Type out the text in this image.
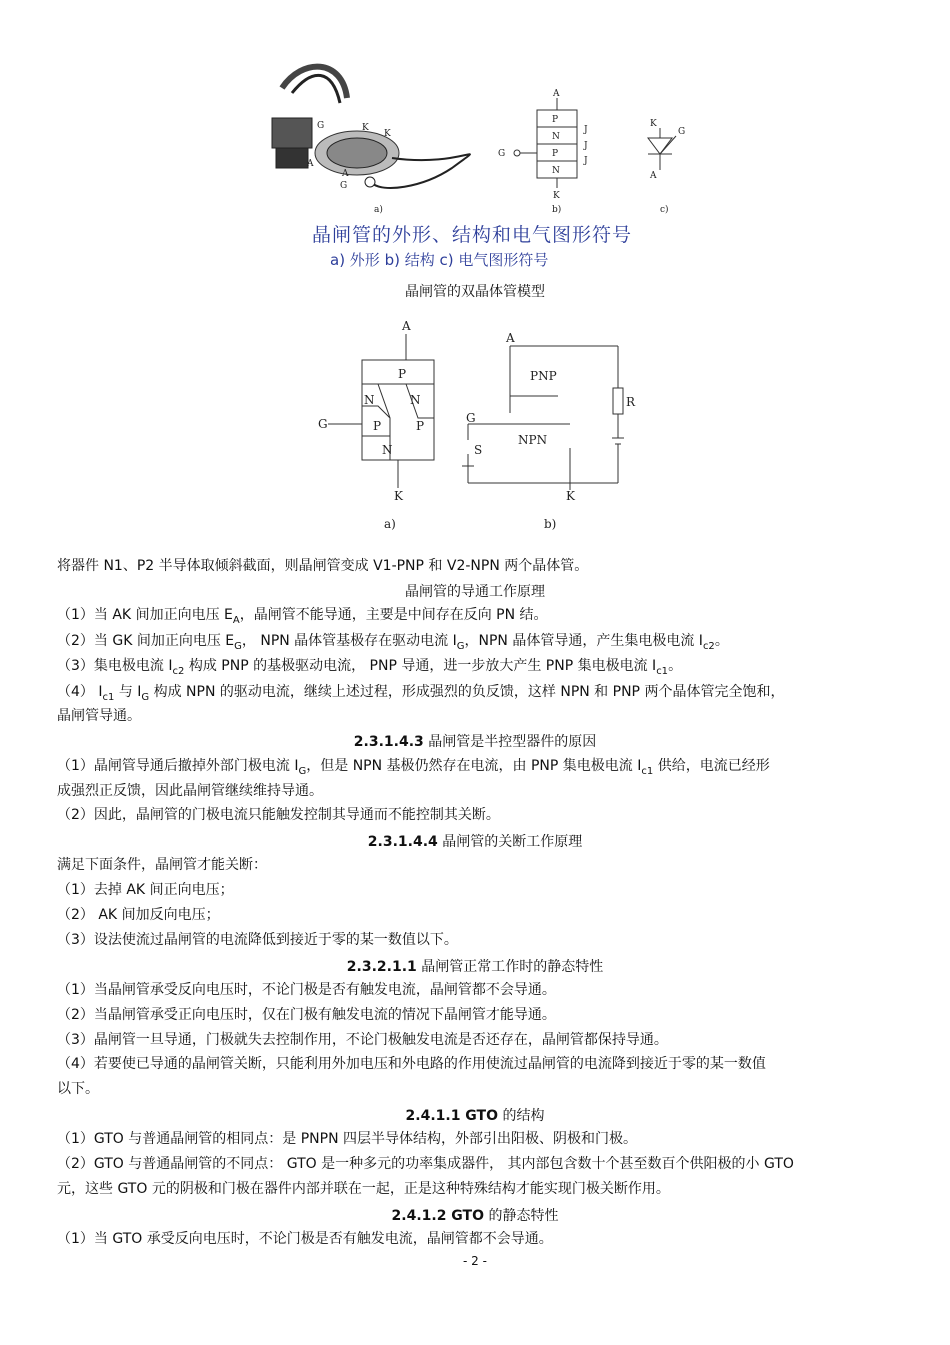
G	K
K
A
A
G
a)
A
P
N
P
N
J
J
J
G
K
b)
K
G
A
c)
晶闸管的外形、结构和电气图形符号
a) 外形 b) 结构 c) 电气图形符号
晶闸管的双晶体管模型
A
P
N	N
P	P
N
G
K
a)
A
PNP
NPN
R
S
G
K
b)
将器件 N1、P2 半导体取倾斜截面，则晶闸管变成 V1-PNP 和 V2-NPN 两个晶体管。
晶闸管的导通工作原理
（1）当 AK 间加正向电压 $E_A$，晶闸管不能导通，主要是中间存在反向 PN 结。
（2）当 GK 间加正向电压 $E_G$， NPN 晶体管基极存在驱动电流 $I_G$，NPN 晶体管导通，产生集电极电流 $I_{c2}$。
（3）集电极电流 $I_{c2}$ 构成 PNP 的基极驱动电流， PNP 导通，进一步放大产生 PNP 集电极电流 $I_{c1}$。
（4） $I_{c1}$ 与 $I_G$ 构成 NPN 的驱动电流，继续上述过程，形成强烈的负反馈，这样 NPN 和 PNP 两个晶体管完全饱和，
晶闸管导通。
2.3.1.4.3 晶闸管是半控型器件的原因
（1）晶闸管导通后撤掉外部门极电流 $I_G$，但是 NPN 基极仍然存在电流，由 PNP 集电极电流 $I_{c1}$ 供给，电流已经形
成强烈正反馈，因此晶闸管继续维持导通。
（2）因此，晶闸管的门极电流只能触发控制其导通而不能控制其关断。
2.3.1.4.4 晶闸管的关断工作原理
满足下面条件，晶闸管才能关断：
（1）去掉 AK 间正向电压；
（2） AK 间加反向电压；
（3）设法使流过晶闸管的电流降低到接近于零的某一数值以下。
2.3.2.1.1 晶闸管正常工作时的静态特性
（1）当晶闸管承受反向电压时，不论门极是否有触发电流，晶闸管都不会导通。
（2）当晶闸管承受正向电压时，仅在门极有触发电流的情况下晶闸管才能导通。
（3）晶闸管一旦导通，门极就失去控制作用，不论门极触发电流是否还存在，晶闸管都保持导通。
（4）若要使已导通的晶闸管关断，只能利用外加电压和外电路的作用使流过晶闸管的电流降到接近于零的某一数值
以下。
2.4.1.1 GTO 的结构
（1）GTO 与普通晶闸管的相同点：是 PNPN 四层半导体结构，外部引出阳极、阴极和门极。
（2）GTO 与普通晶闸管的不同点： GTO 是一种多元的功率集成器件， 其内部包含数十个甚至数百个供阳极的小 GTO
元，这些 GTO 元的阴极和门极在器件内部并联在一起，正是这种特殊结构才能实现门极关断作用。
2.4.1.2 GTO 的静态特性
（1）当 GTO 承受反向电压时，不论门极是否有触发电流，晶闸管都不会导通。
- 2 -
